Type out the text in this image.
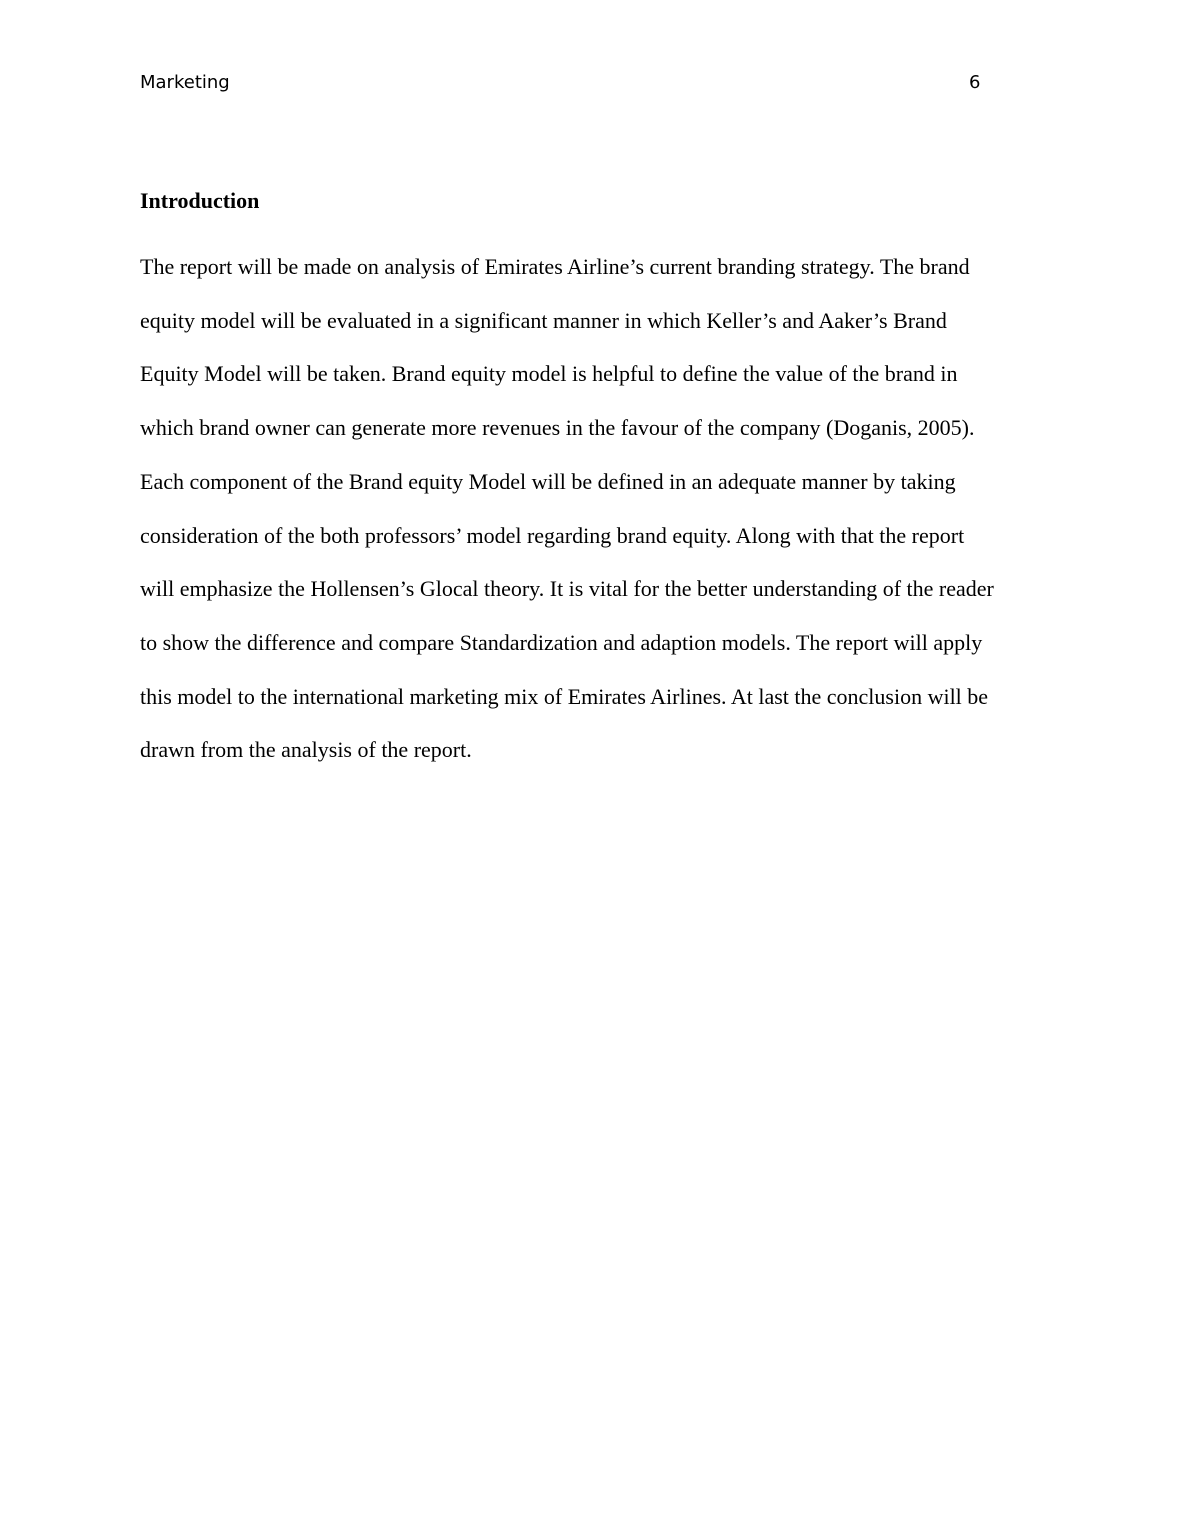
Marketing	6
Introduction

The report will be made on analysis of Emirates Airline’s current branding strategy. The brand
equity model will be evaluated in a significant manner in which Keller’s and Aaker’s Brand
Equity Model will be taken. Brand equity model is helpful to define the value of the brand in
which brand owner can generate more revenues in the favour of the company (Doganis, 2005).
Each component of the Brand equity Model will be defined in an adequate manner by taking
consideration of the both professors’ model regarding brand equity. Along with that the report
will emphasize the Hollensen’s Glocal theory. It is vital for the better understanding of the reader
to show the difference and compare Standardization and adaption models. The report will apply
this model to the international marketing mix of Emirates Airlines. At last the conclusion will be
drawn from the analysis of the report.
